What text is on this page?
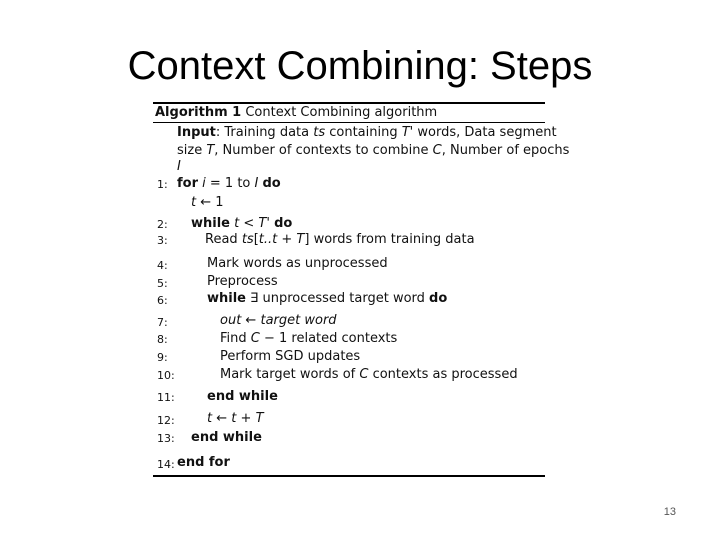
Context Combining: Steps
Algorithm 1 Context Combining algorithm
Input: Training data ts containing T' words, Data segment
size T, Number of contexts to combine C, Number of epochs
I
1: for i = 1 to I do
t ← 1
2: while t < T' do
3:	Read ts[t..t + T] words from training data
4:	Mark words as unprocessed
5:	Preprocess
6:	while ∃ unprocessed target word do
7:	out ← target word
8:	Find C − 1 related contexts
9:	Perform SGD updates
10:	Mark target words of C contexts as processed
11: end while
12: t ← t + T
13: end while
14: end for
13
